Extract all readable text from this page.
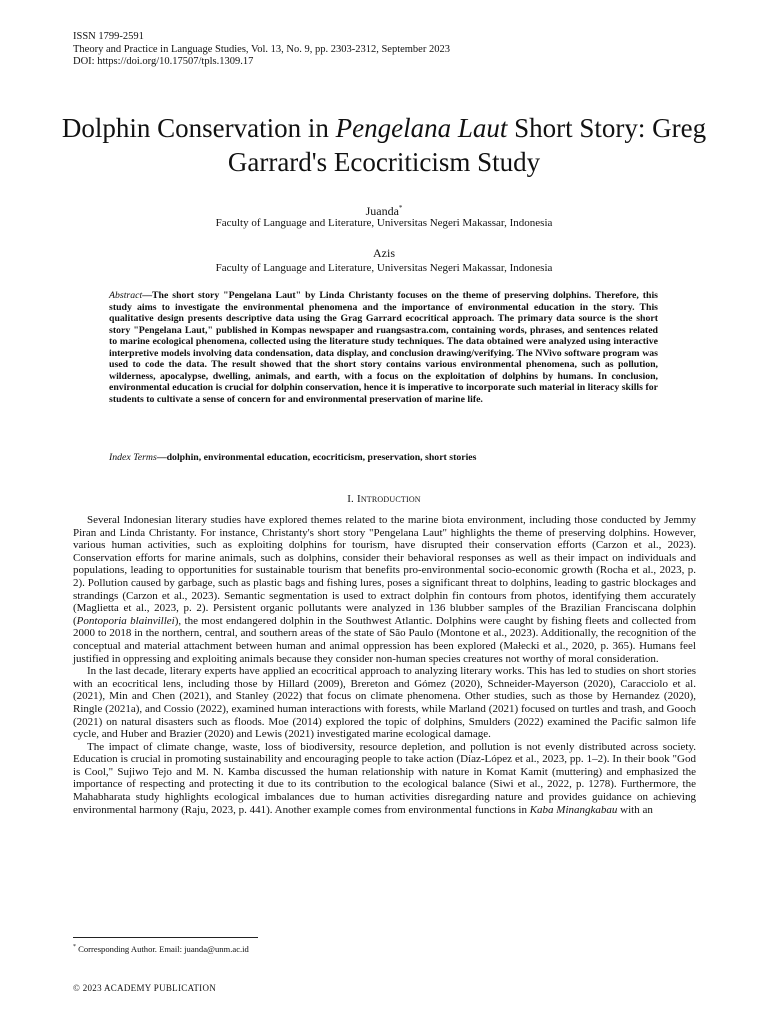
ISSN 1799-2591
Theory and Practice in Language Studies, Vol. 13, No. 9, pp. 2303-2312, September 2023
DOI: https://doi.org/10.17507/tpls.1309.17
Dolphin Conservation in Pengelana Laut Short Story: Greg Garrard's Ecocriticism Study
Juanda*
Faculty of Language and Literature, Universitas Negeri Makassar, Indonesia
Azis
Faculty of Language and Literature, Universitas Negeri Makassar, Indonesia
Abstract—The short story "Pengelana Laut" by Linda Christanty focuses on the theme of preserving dolphins. Therefore, this study aims to investigate the environmental phenomena and the importance of environmental education in the story. This qualitative design presents descriptive data using the Grag Garrard ecocritical approach. The primary data source is the short story "Pengelana Laut," published in Kompas newspaper and ruangsastra.com, containing words, phrases, and sentences related to marine ecological phenomena, collected using the literature study techniques. The data obtained were analyzed using interactive interpretive models involving data condensation, data display, and conclusion drawing/verifying. The NVivo software program was used to code the data. The result showed that the short story contains various environmental phenomena, such as pollution, wilderness, apocalypse, dwelling, animals, and earth, with a focus on the exploitation of dolphins by humans. In conclusion, environmental education is crucial for dolphin conservation, hence it is imperative to incorporate such material in literacy skills for students to cultivate a sense of concern for and environmental preservation of marine life.
Index Terms—dolphin, environmental education, ecocriticism, preservation, short stories
I. Introduction

Several Indonesian literary studies have explored themes related to the marine biota environment, including those conducted by Jemmy Piran and Linda Christanty. For instance, Christanty's short story "Pengelana Laut" highlights the theme of preserving dolphins. However, various human activities, such as exploiting dolphins for tourism, have disrupted their conservation efforts (Carzon et al., 2023). Conservation efforts for marine animals, such as dolphins, consider their behavioral responses as well as their impact on individuals and populations, leading to opportunities for sustainable tourism that benefits pro-environmental socio-economic growth (Rocha et al., 2023, p. 2). Pollution caused by garbage, such as plastic bags and fishing lures, poses a significant threat to dolphins, leading to gastric blockages and strandings (Carzon et al., 2023). Semantic segmentation is used to extract dolphin fin contours from photos, identifying them accurately (Maglietta et al., 2023, p. 2). Persistent organic pollutants were analyzed in 136 blubber samples of the Brazilian Franciscana dolphin (Pontoporia blainvillei), the most endangered dolphin in the Southwest Atlantic. Dolphins were caught by fishing fleets and collected from 2000 to 2018 in the northern, central, and southern areas of the state of São Paulo (Montone et al., 2023). Additionally, the recognition of the conceptual and material attachment between human and animal oppression has been explored (Małecki et al., 2020, p. 365). Humans feel justified in oppressing and exploiting animals because they consider non-human species creatures not worthy of moral consideration.

In the last decade, literary experts have applied an ecocritical approach to analyzing literary works. This has led to studies on short stories with an ecocritical lens, including those by Hillard (2009), Brereton and Gómez (2020), Schneider-Mayerson (2020), Caracciolo et al. (2021), Min and Chen (2021), and Stanley (2022) that focus on climate phenomena. Other studies, such as those by Hernandez (2020), Ringle (2021a), and Cossio (2022), examined human interactions with forests, while Marland (2021) focused on turtles and trash, and Gooch (2021) on natural disasters such as floods. Moe (2014) explored the topic of dolphins, Smulders (2022) examined the Pacific salmon life cycle, and Huber and Brazier (2020) and Lewis (2021) investigated marine ecological damage.

The impact of climate change, waste, loss of biodiversity, resource depletion, and pollution is not evenly distributed across society. Education is crucial in promoting sustainability and encouraging people to take action (Díaz-López et al., 2023, pp. 1–2). In their book "God is Cool," Sujiwo Tejo and M. N. Kamba discussed the human relationship with nature in Komat Kamit (muttering) and emphasized the importance of respecting and protecting it due to its contribution to the ecological balance (Siwi et al., 2022, p. 1278). Furthermore, the Mahabharata study highlights ecological imbalances due to human activities disregarding nature and provides guidance on achieving environmental harmony (Raju, 2023, p. 441). Another example comes from environmental functions in Kaba Minangkabau with an

* Corresponding Author. Email: juanda@unm.ac.id
© 2023 ACADEMY PUBLICATION
